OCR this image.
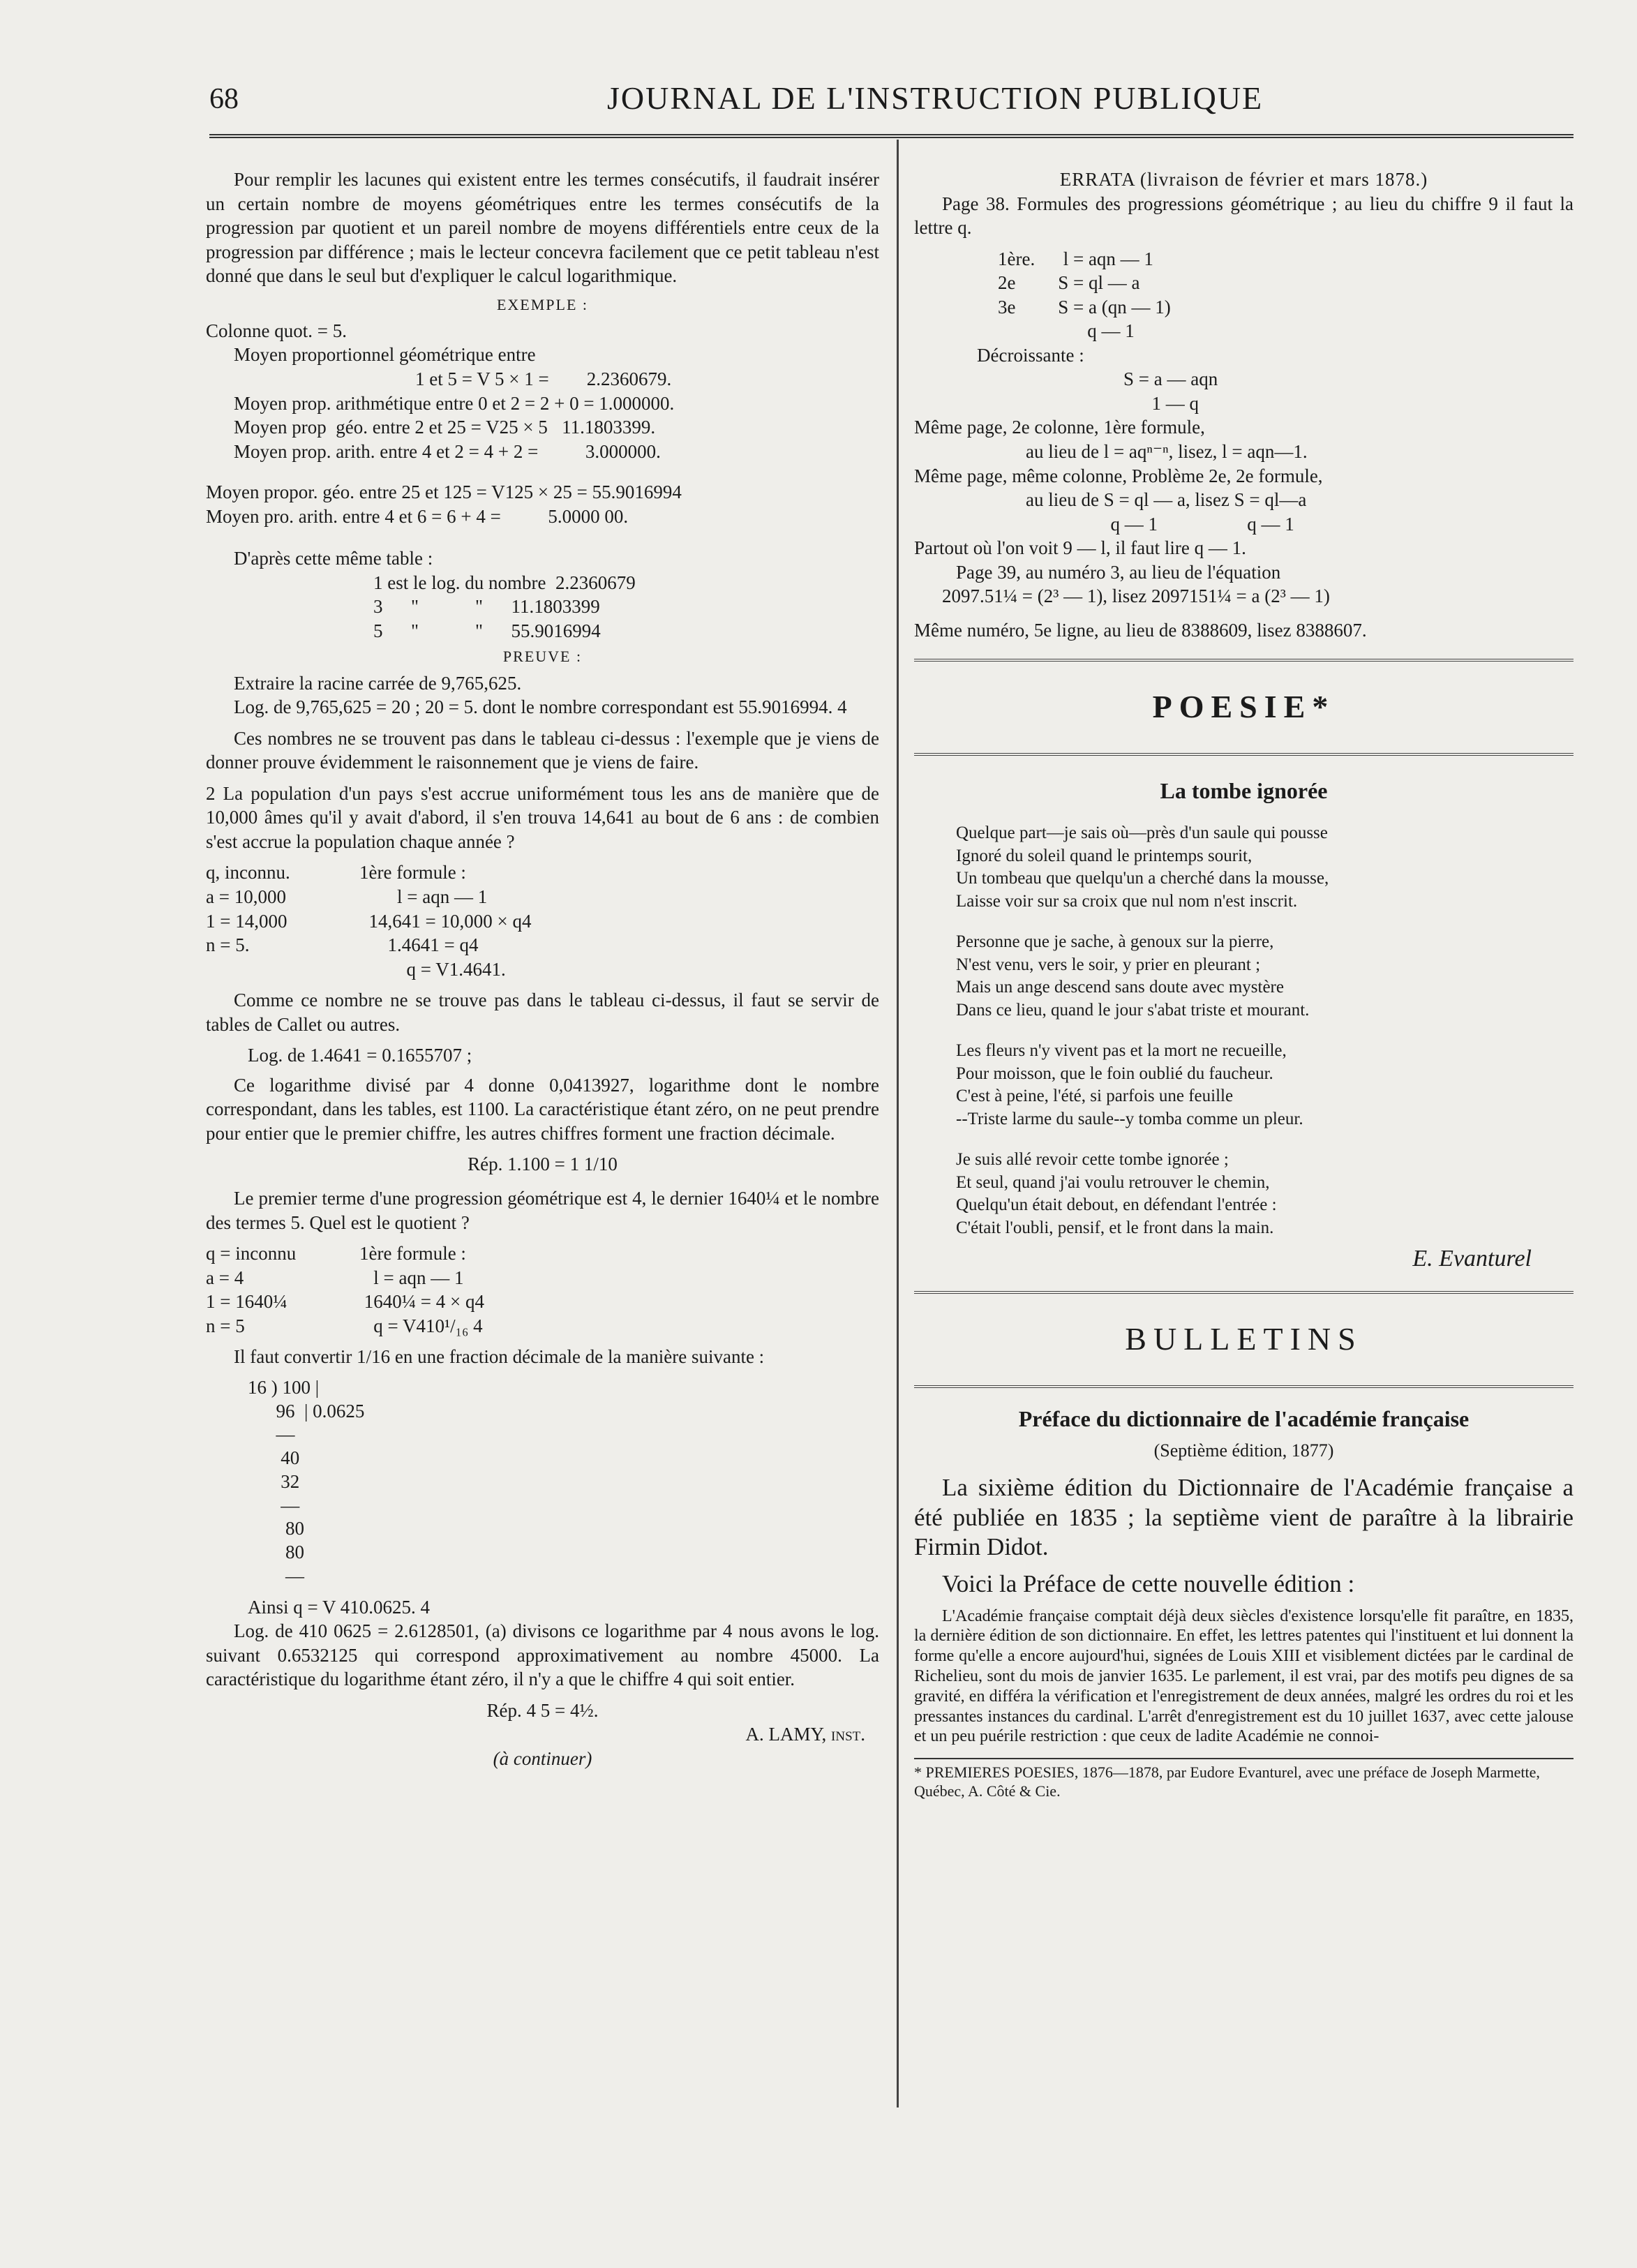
68	JOURNAL DE L'INSTRUCTION PUBLIQUE

Pour remplir les lacunes qui existent entre les termes consécutifs, il faudrait insérer un certain nombre de moyens géométriques entre les termes consécutifs de la progression par quotient et un pareil nombre de moyens différentiels entre ceux de la progression par différence ; mais le lecteur concevra facilement que ce petit tableau n'est donné que dans le seul but d'expliquer le calcul logarithmique.

EXEMPLE :
Colonne quot. = 5.
Moyen proportionnel géométrique entre
1 et 5 = V 5 × 1 =        2.2360679.
Moyen prop. arithmétique entre 0 et 2 = 2 + 0 = 1.000000.
Moyen prop  géo. entre 2 et 25 = V25 × 5   11.1803399.
Moyen prop. arith. entre 4 et 2 = 4 + 2 =          3.000000.
Moyen propor. géo. entre 25 et 125 = V125 × 25 = 55.9016994
Moyen pro. arith. entre 4 et 6 = 6 + 4 =          5.0000 00.
D'après cette même table :
1 est le log. du nombre  2.2360679
3      "            "      11.1803399
5      "            "      55.9016994
PREUVE :
Extraire la racine carrée de 9,765,625.

Log. de 9,765,625 = 20 ; 20 = 5. dont le nombre correspondant est 55.9016994. 4

Ces nombres ne se trouvent pas dans le tableau ci-dessus : l'exemple que je viens de donner prouve évidemment le raisonnement que je viens de faire.

2 La population d'un pays s'est accrue uniformément tous les ans de manière que de 10,000 âmes qu'il y avait d'abord, il s'en trouva 14,641 au bout de 6 ans : de combien s'est accrue la population chaque année ?

q, inconnu.
a = 10,000
1 = 14,000
n = 5.
1ère formule :
l = aqn — 1
14,641 = 10,000 × q4
1.4641 = q4
q = V1.4641.

Comme ce nombre ne se trouve pas dans le tableau ci-dessus, il faut se servir de tables de Callet ou autres.

Log. de 1.4641 = 0.1655707 ;

Ce logarithme divisé par 4 donne 0,0413927, logarithme dont le nombre correspondant, dans les tables, est 1100. La caractéristique étant zéro, on ne peut prendre pour entier que le premier chiffre, les autres chiffres forment une fraction décimale.

Rép. 1.100 = 1 1/10

Le premier terme d'une progression géométrique est 4, le dernier 1640¼ et le nombre des termes 5. Quel est le quotient ?

q = inconnu
a = 4
1 = 1640¼
n = 5
1ère formule :
l = aqn — 1
1640¼ = 4 × q4
q = V410¹/₁₆ 4

Il faut convertir 1/16 en une fraction décimale de la manière suivante :

16 ) 100 |
96  | 0.0625
—
40
32
—
80
80
—
Ainsi q = V 410.0625. 4

Log. de 410 0625 = 2.6128501, (a) divisons ce logarithme par 4 nous avons le log. suivant 0.6532125 qui correspond approximativement au nombre 45000. La caractéristique du logarithme étant zéro, il n'y a que le chiffre 4 qui soit entier.

Rép. 4 5 = 4½.
A. LAMY, inst.
(à continuer)
ERRATA (livraison de février et mars 1878.)

Page 38. Formules des progressions géométrique ; au lieu du chiffre 9 il faut la lettre q.

1ère.      l = aqn — 1
2e         S = ql — a
3e         S = a (qn — 1)
q — 1
Décroissante :
S = a — aqn
1 — q
Même page, 2e colonne, 1ère formule,
au lieu de l = aqⁿ⁻ⁿ, lisez, l = aqn—1.
Même page, même colonne, Problème 2e, 2e formule,
au lieu de S = ql — a, lisez S = ql—a
q — 1                   q — 1
Partout où l'on voit 9 — l, il faut lire q — 1.
Page 39, au numéro 3, au lieu de l'équation
2097.51¼ = (2³ — 1), lisez 2097151¼ = a (2³ — 1)
Même numéro, 5e ligne, au lieu de 8388609, lisez 8388607.
POESIE*
La tombe ignorée
Quelque part—je sais où—près d'un saule qui pousse
Ignoré du soleil quand le printemps sourit,
Un tombeau que quelqu'un a cherché dans la mousse,
Laisse voir sur sa croix que nul nom n'est inscrit.
Personne que je sache, à genoux sur la pierre,
N'est venu, vers le soir, y prier en pleurant ;
Mais un ange descend sans doute avec mystère
Dans ce lieu, quand le jour s'abat triste et mourant.
Les fleurs n'y vivent pas et la mort ne recueille,
Pour moisson, que le foin oublié du faucheur.
C'est à peine, l'été, si parfois une feuille
--Triste larme du saule--y tomba comme un pleur.
Je suis allé revoir cette tombe ignorée ;
Et seul, quand j'ai voulu retrouver le chemin,
Quelqu'un était debout, en défendant l'entrée :
C'était l'oubli, pensif, et le front dans la main.
E. Evanturel
BULLETINS
Préface du dictionnaire de l'académie française
(Septième édition, 1877)

La sixième édition du Dictionnaire de l'Académie française a été publiée en 1835 ; la septième vient de paraître à la librairie Firmin Didot.

Voici la Préface de cette nouvelle édition :

L'Académie française comptait déjà deux siècles d'existence lorsqu'elle fit paraître, en 1835, la dernière édition de son dictionnaire. En effet, les lettres patentes qui l'instituent et lui donnent la forme qu'elle a encore aujourd'hui, signées de Louis XIII et visiblement dictées par le cardinal de Richelieu, sont du mois de janvier 1635. Le parlement, il est vrai, par des motifs peu dignes de sa gravité, en différa la vérification et l'enregistrement de deux années, malgré les ordres du roi et les pressantes instances du cardinal. L'arrêt d'enregistrement est du 10 juillet 1637, avec cette jalouse et un peu puérile restriction : que ceux de ladite Académie ne connoi-

* PREMIERES POESIES, 1876—1878, par Eudore Evanturel, avec une préface de Joseph Marmette, Québec, A. Côté & Cie.
